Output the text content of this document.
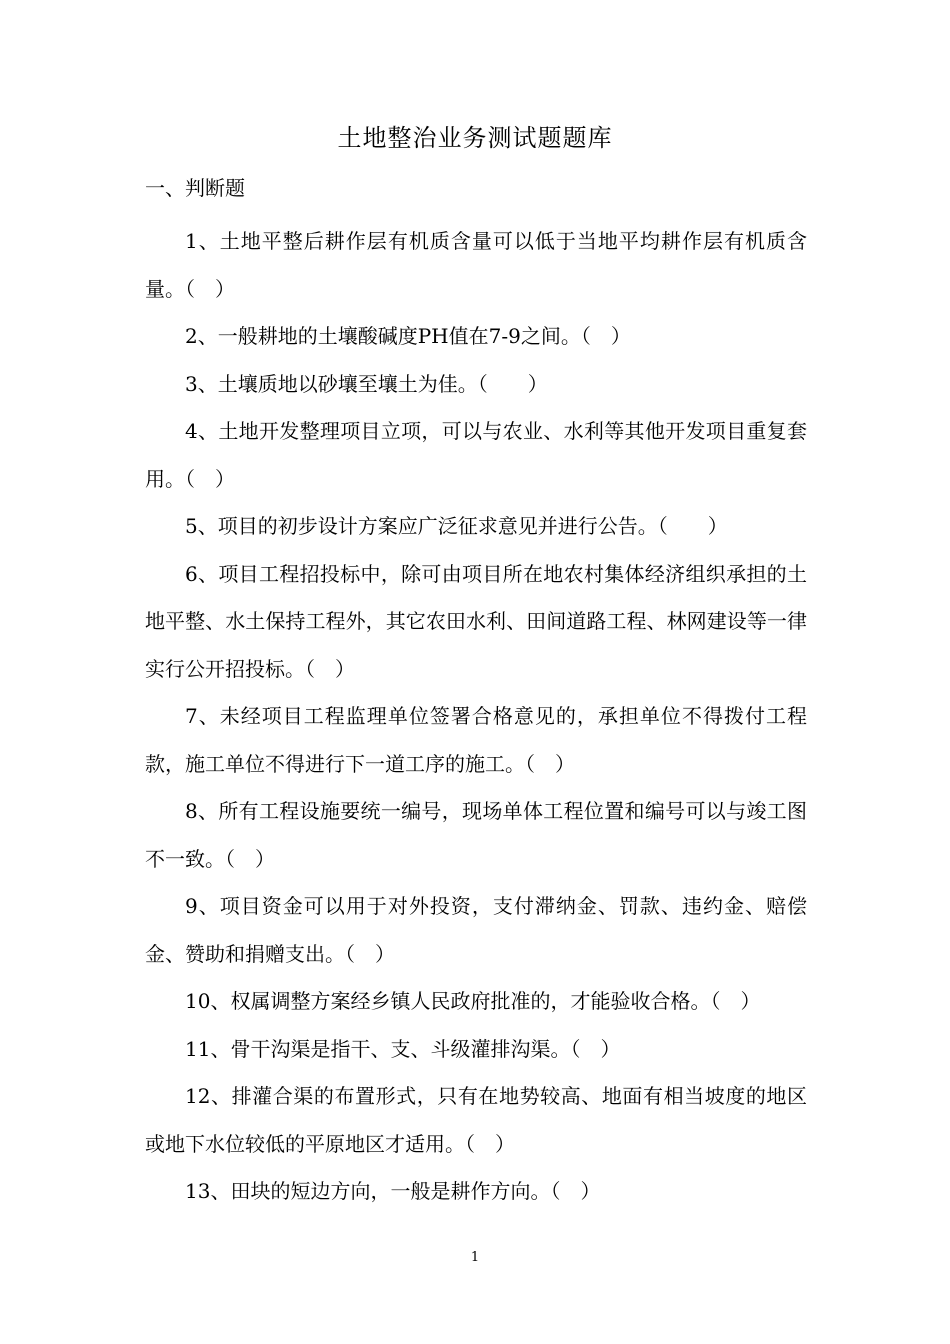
土地整治业务测试题题库
一、判断题
1、土地平整后耕作层有机质含量可以低于当地平均耕作层有机质含量。（　）
2、一般耕地的土壤酸碱度PH值在7-9之间。（　）
3、土壤质地以砂壤至壤土为佳。（　　）
4、土地开发整理项目立项，可以与农业、水利等其他开发项目重复套用。（　）
5、项目的初步设计方案应广泛征求意见并进行公告。（　　）
6、项目工程招投标中，除可由项目所在地农村集体经济组织承担的土地平整、水土保持工程外，其它农田水利、田间道路工程、林网建设等一律实行公开招投标。（　）
7、未经项目工程监理单位签署合格意见的，承担单位不得拨付工程款，施工单位不得进行下一道工序的施工。（　）
8、所有工程设施要统一编号，现场单体工程位置和编号可以与竣工图不一致。（　）
9、项目资金可以用于对外投资，支付滞纳金、罚款、违约金、赔偿金、赞助和捐赠支出。（　）
10、权属调整方案经乡镇人民政府批准的，才能验收合格。（　）
11、骨干沟渠是指干、支、斗级灌排沟渠。（　）
12、排灌合渠的布置形式，只有在地势较高、地面有相当坡度的地区或地下水位较低的平原地区才适用。（　）
13、田块的短边方向，一般是耕作方向。（　）
1
